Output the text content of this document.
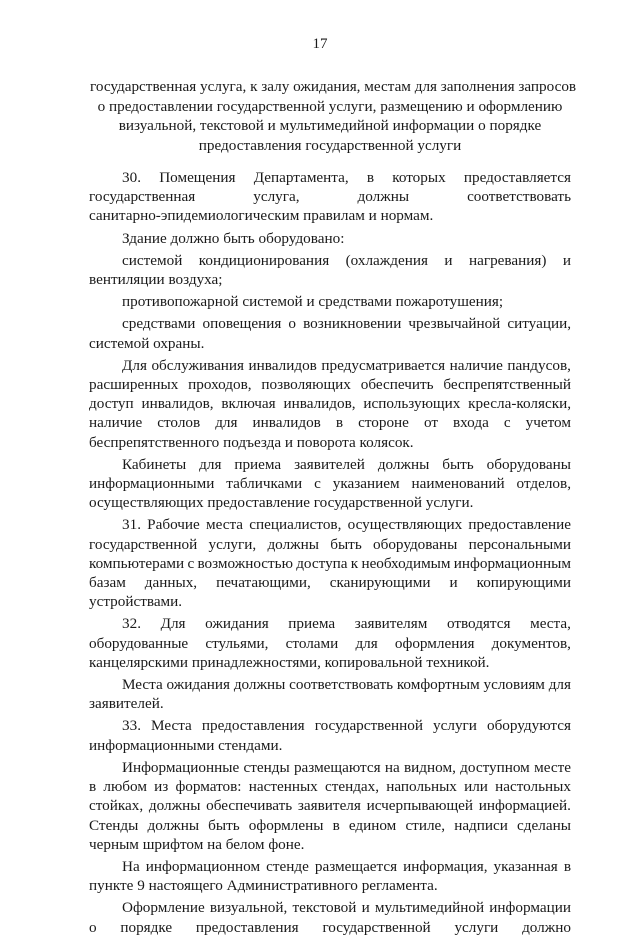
17
государственная услуга, к залу ожидания, местам для заполнения запросов
о предоставлении государственной услуги, размещению и оформлению
визуальной, текстовой и мультимедийной информации о порядке
предоставления государственной услуги
30. Помещения Департамента, в которых предоставляется
государственная	услуга,	должны	соответствовать
санитарно-эпидемиологическим правилам и нормам.
Здание должно быть оборудовано:
системой кондиционирования (охлаждения и нагревания) и
вентиляции воздуха;
противопожарной системой и средствами пожаротушения;
средствами оповещения о возникновении чрезвычайной ситуации,
системой охраны.
Для обслуживания инвалидов предусматривается наличие пандусов,
расширенных проходов, позволяющих обеспечить беспрепятственный
доступ инвалидов, включая инвалидов, использующих кресла-коляски,
наличие столов для инвалидов в стороне от входа с учетом
беспрепятственного подъезда и поворота колясок.
Кабинеты для приема заявителей должны быть оборудованы
информационными табличками с указанием наименований отделов,
осуществляющих предоставление государственной услуги.
31. Рабочие места специалистов, осуществляющих предоставление
государственной услуги, должны быть оборудованы персональными
компьютерами с возможностью доступа к необходимым информационным
базам данных, печатающими, сканирующими и копирующими
устройствами.
32. Для ожидания приема заявителям отводятся места,
оборудованные стульями, столами для оформления документов,
канцелярскими принадлежностями, копировальной техникой.
Места ожидания должны соответствовать комфортным условиям для
заявителей.
33. Места предоставления государственной услуги оборудуются
информационными стендами.
Информационные стенды размещаются на видном, доступном месте
в любом из форматов: настенных стендах, напольных или настольных
стойках, должны обеспечивать заявителя исчерпывающей информацией.
Стенды должны быть оформлены в едином стиле, надписи сделаны
черным шрифтом на белом фоне.
На информационном стенде размещается информация, указанная в
пункте 9 настоящего Административного регламента.
Оформление визуальной, текстовой и мультимедийной информации
о порядке предоставления государственной услуги должно
